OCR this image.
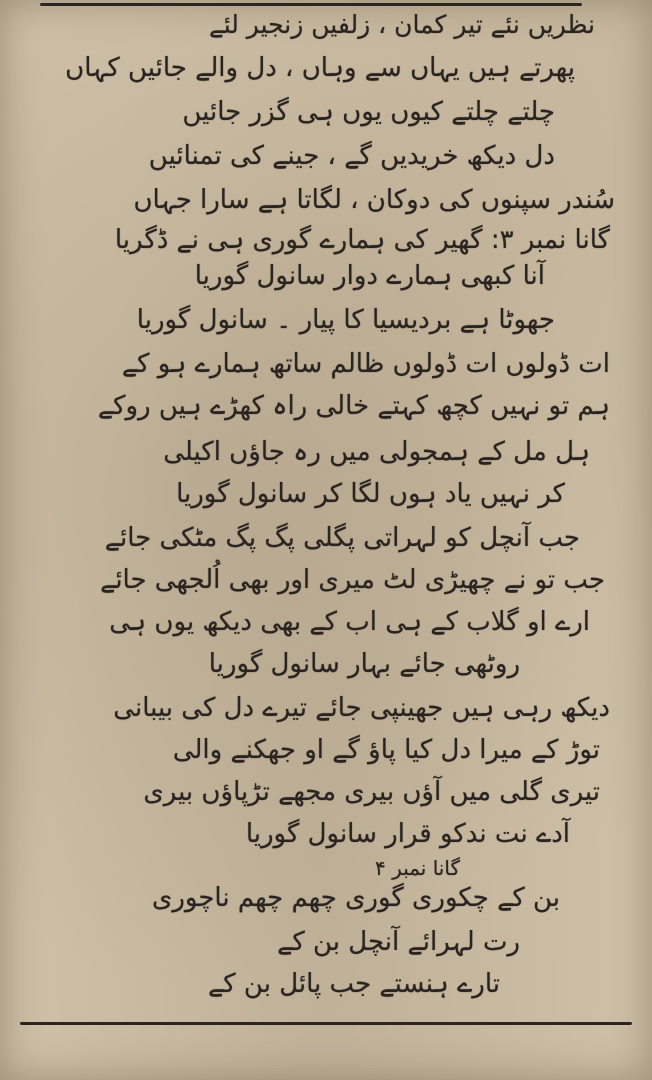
نظریں نئے تیر کمان ، زلفیں زنجیر لئے
پھرتے ہیں یہاں سے وہاں ، دل والے جائیں کہاں
چلتے چلتے کیوں یوں ہی گزر جائیں
دل دیکھ خریدیں گے ، جینے کی تمنائیں
سُندر سپنوں کی دوکان ، لگاتا ہے سارا جہاں
گانا نمبر ۳: گھیر کی ہمارے گوری ہی نے ڈگریا
آنا کبھی ہمارے دوار سانول گوریا
جھوٹا ہے بردیسیا کا پیار ۔ سانول گوریا
ات ڈولوں ات ڈولوں ظالم ساتھ ہمارے ہو کے
ہم تو نہیں کچھ کہتے خالی راہ کھڑے ہیں روکے
ہل مل کے ہمجولی میں رہ جاؤں اکیلی
کر نہیں یاد ہوں لگا کر سانول گوریا
جب آنچل کو لہراتی پگلی پگ پگ مٹکی جائے
جب تو نے چھیڑی لٹ میری اور بھی اُلجھی جائے
ارے او گلاب کے ہی اب کے بھی دیکھ یوں ہی
روٹھی جائے بہار سانول گوریا
دیکھ رہی ہیں جھینپی جائے تیرے دل کی بیبانی
توڑ کے میرا دل کیا پاؤ گے او جھکنے والی
تیری گلی میں آؤں بیری مجھے تڑپاؤں بیری
آدے نت ندکو قرار سانول گوریا
گانا نمبر ۴
بن کے چکوری گوری چھم چھم ناچوری
رت لہرائے آنچل بن کے
تارے ہنستے جب پائل بن کے
